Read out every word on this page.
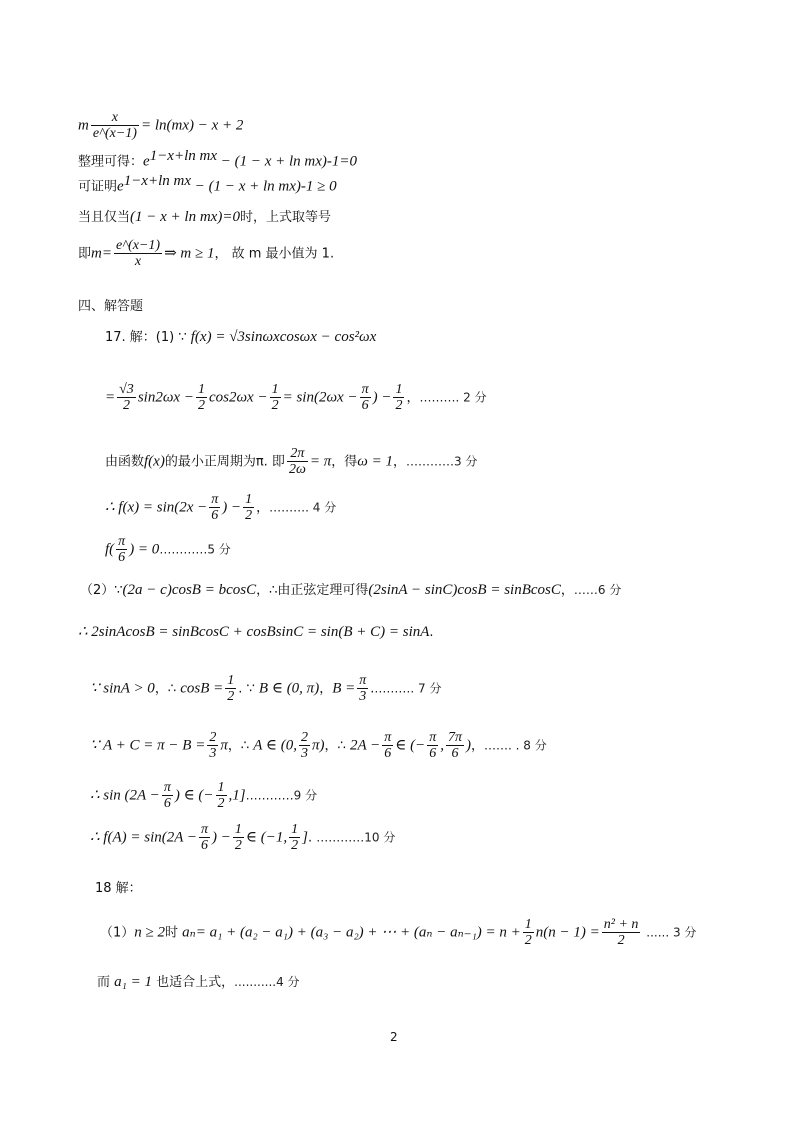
m $\frac{x}{e\^{}(x-1)} = \ln(mx) - x + 2$
整理可得：$e^{1-x+ln mx} - (1 - x + \ln mx)-1=0$
可证明$e^{1-x+ln mx} - (1 - x + \ln mx)-1 \ge 0$
当且仅当(1 − x + ln mx)=0时，上式取等号
即$m= \frac{e\^{}(x-1)}{x}$ ⇒ m ≥ 1， 故 m 最小值为 1.
四、解答题
17. 解：(1) ∵ f(x) = √3sinωxcosωx − cos²ωx
= $\frac{√3}{2} \sin 2\omega x - \frac{1}{2} \cos 2\omega x - \frac{1}{2} = \sin(2\omega x - \frac{\pi}{6}$ ) − $\frac{1}{2}$ ，………. 2 分
由函数f(x)的最小正周期为π. 即 $\frac{2\pi}{2\omega} = \pi$，得ω = 1，…………3 分
∴ $f(x) = \sin(2x - \frac{\pi}{6}$ ) − $\frac{1}{2}$ ，………. 4 分
$f( \frac{\pi}{6}$ ) = 0…………5 分
（2）∵(2a − c)cosB = bcosC，∴由正弦定理可得(2sinA − sinC)cosB = sinBcosC，……6 分
∴ 2sinAcosB = sinBcosC + cosBsinC = sin(B + C) = sinA.
∵ sinA > 0，∴ $\cos B = \frac{1}{2}$ . ∵ B ∈ (0, π)，$B = \frac{\pi}{3}$ .………. 7 分
∵ $A + C = \pi - B = \frac{2}{3}$ π，∴ A ∈ (0, $\frac{2}{3} \pi$)，∴ $2A - \frac{\pi}{6}$ ∈ (− $\frac{\pi}{6}$ , $\frac{7\pi}{6}$ )，……. . 8 分
∴ $\sin (2A - \frac{\pi}{6}$ ) ∈ (− $\frac{1}{2}$ ,1]…………9 分
∴ $f(A) = \sin(2A - \frac{\pi}{6}$ ) − $\frac{1}{2}$ ∈ (−1, $\frac{1}{2}$ ]. …………10 分
18 解：
（1）n ≥ 2时 aₙ= a₁ + (a₂ − a₁) + (a₃ − a₂) + ⋯ + $(a_n - a_{n-1}) = n + \frac{1}{2} n(n - 1) = \frac{\text{n² + n}}{2}$ ...... 3 分
而 a₁ = 1 也适合上式，...........4 分
2
